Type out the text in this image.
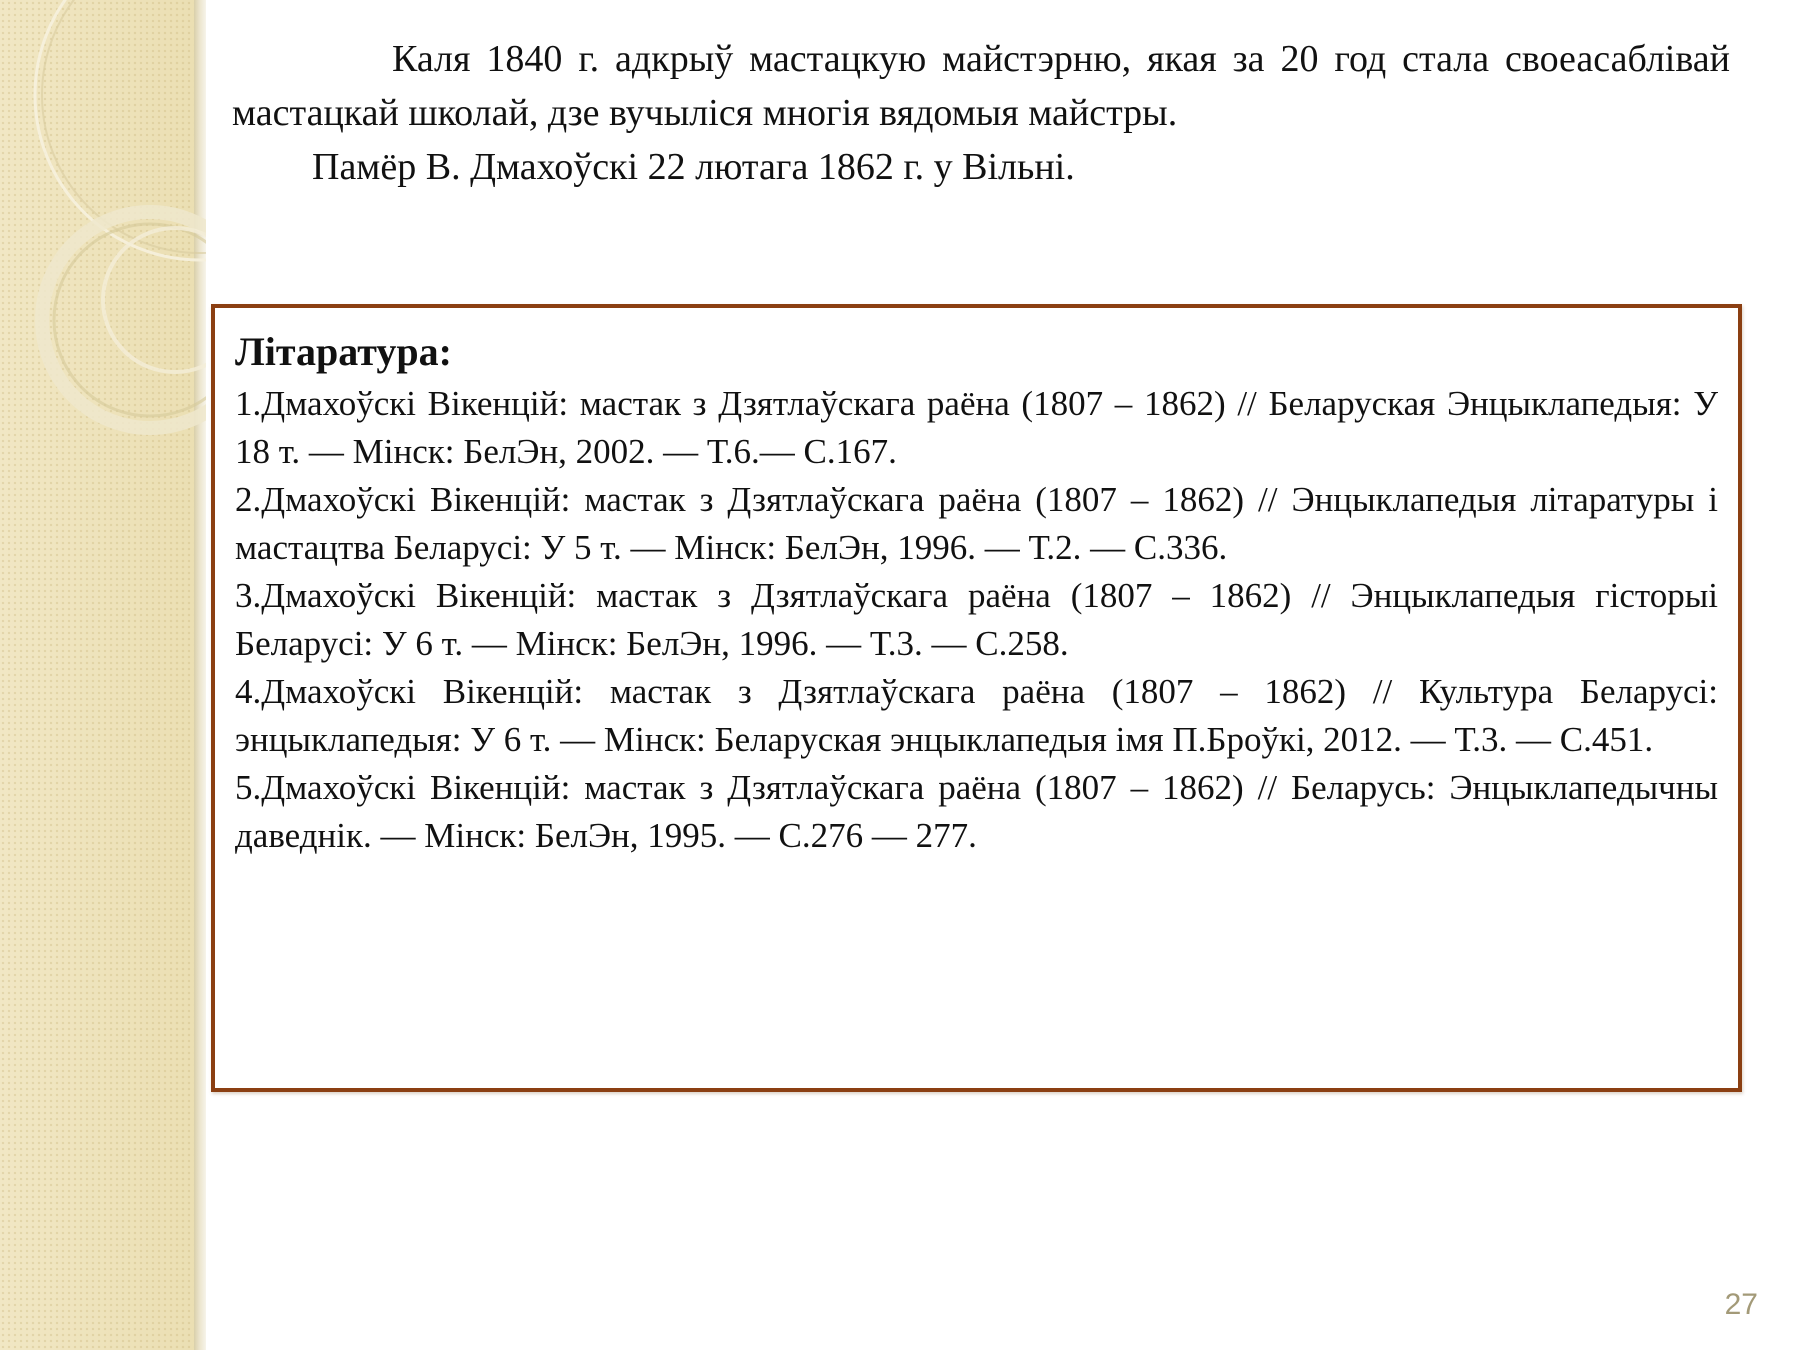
Каля 1840 г. адкрыў мастацкую майстэрню, якая за 20 год стала своеасаблівай мастацкай школай, дзе вучыліся многія вядомыя майстры.

Памёр В. Дмахоўскі 22 лютага 1862 г. у Вільні.

Літаратура:

1.Дмахоўскі Вікенцій: мастак з Дзятлаўскага раёна (1807 – 1862) // Беларуская Энцыклапедыя: У 18 т. — Мінск: БелЭн, 2002. — Т.6.— С.167.

2.Дмахоўскі Вікенцій: мастак з Дзятлаўскага раёна (1807 – 1862) // Энцыклапедыя літаратуры і мастацтва Беларусі: У 5 т. — Мінск: БелЭн, 1996. — Т.2. — С.336.

3.Дмахоўскі Вікенцій: мастак з Дзятлаўскага раёна (1807 – 1862) // Энцыклапедыя гісторыі Беларусі: У 6 т. — Мінск: БелЭн, 1996. — Т.3. — С.258.

4.Дмахоўскі Вікенцій: мастак з Дзятлаўскага раёна (1807 – 1862) // Культура Беларусі: энцыклапедыя: У 6 т. — Мінск: Беларуская энцыклапедыя імя П.Броўкі, 2012. — Т.3. — С.451.

5.Дмахоўскі Вікенцій: мастак з Дзятлаўскага раёна (1807 – 1862) // Беларусь: Энцыклапедычны даведнік. — Мінск: БелЭн, 1995. — С.276 — 277.

27
